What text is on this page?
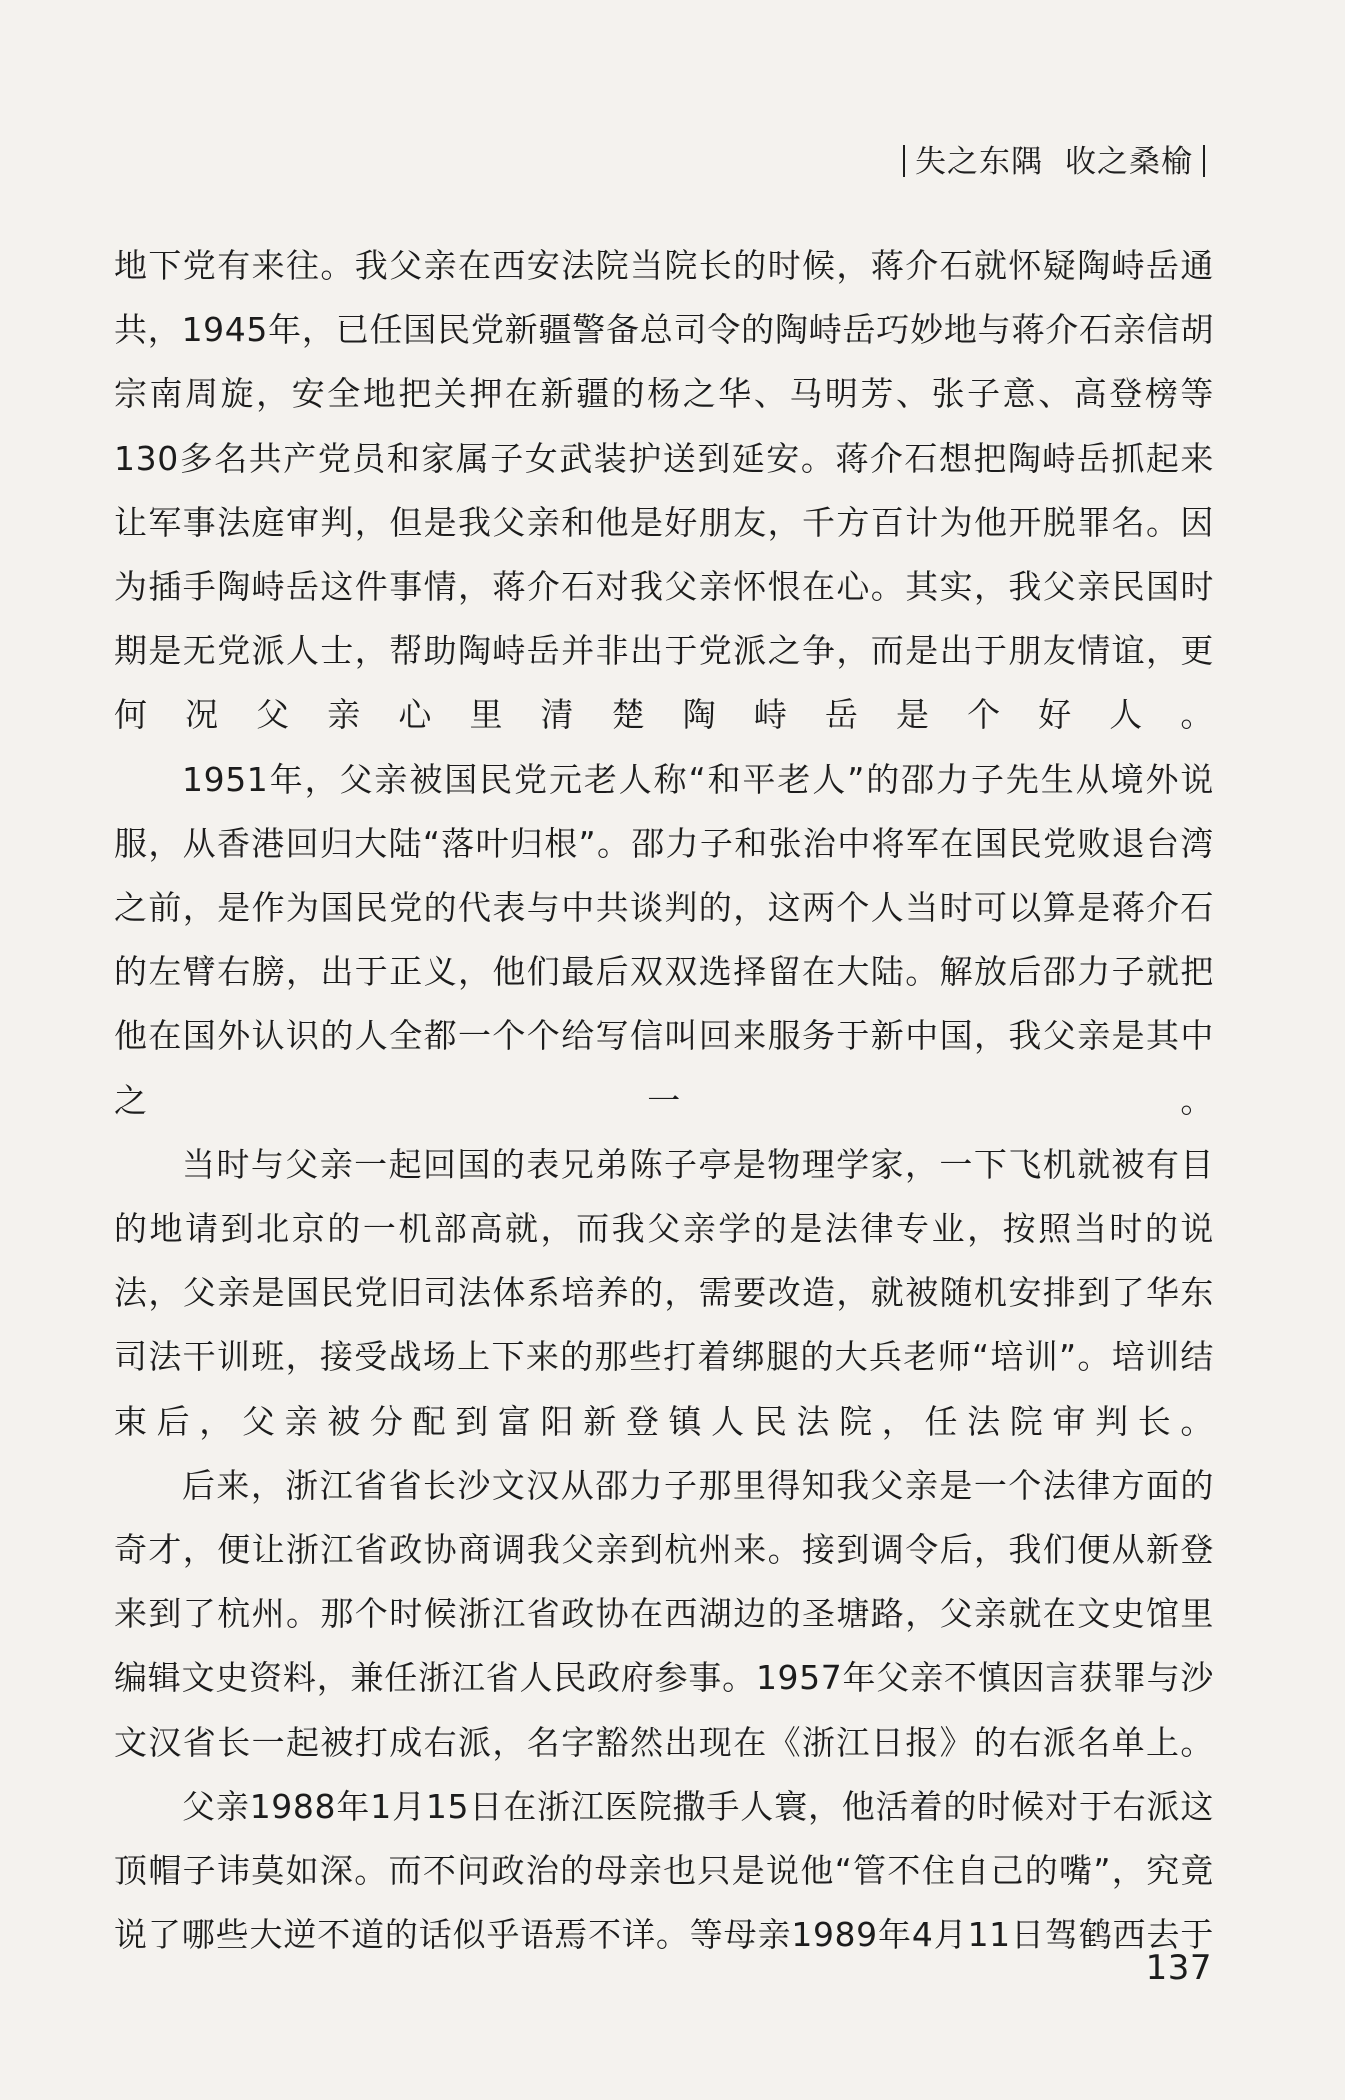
失之东隅 收之桑榆

地下党有来往。我父亲在西安法院当院长的时候，蒋介石就怀疑陶峙岳通共，1945年，已任国民党新疆警备总司令的陶峙岳巧妙地与蒋介石亲信胡宗南周旋，安全地把关押在新疆的杨之华、马明芳、张子意、高登榜等130多名共产党员和家属子女武装护送到延安。蒋介石想把陶峙岳抓起来让军事法庭审判，但是我父亲和他是好朋友，千方百计为他开脱罪名。因为插手陶峙岳这件事情，蒋介石对我父亲怀恨在心。其实，我父亲民国时期是无党派人士，帮助陶峙岳并非出于党派之争，而是出于朋友情谊，更何况父亲心里清楚陶峙岳是个好人。

1951年，父亲被国民党元老人称“和平老人”的邵力子先生从境外说服，从香港回归大陆“落叶归根”。邵力子和张治中将军在国民党败退台湾之前，是作为国民党的代表与中共谈判的，这两个人当时可以算是蒋介石的左臂右膀，出于正义，他们最后双双选择留在大陆。解放后邵力子就把他在国外认识的人全都一个个给写信叫回来服务于新中国，我父亲是其中之一。

当时与父亲一起回国的表兄弟陈子亭是物理学家，一下飞机就被有目的地请到北京的一机部高就，而我父亲学的是法律专业，按照当时的说法，父亲是国民党旧司法体系培养的，需要改造，就被随机安排到了华东司法干训班，接受战场上下来的那些打着绑腿的大兵老师“培训”。培训结束后，父亲被分配到富阳新登镇人民法院，任法院审判长。

后来，浙江省省长沙文汉从邵力子那里得知我父亲是一个法律方面的奇才，便让浙江省政协商调我父亲到杭州来。接到调令后，我们便从新登来到了杭州。那个时候浙江省政协在西湖边的圣塘路，父亲就在文史馆里编辑文史资料，兼任浙江省人民政府参事。1957年父亲不慎因言获罪与沙文汉省长一起被打成右派，名字豁然出现在《浙江日报》的右派名单上。

父亲1988年1月15日在浙江医院撒手人寰，他活着的时候对于右派这顶帽子讳莫如深。而不问政治的母亲也只是说他“管不住自己的嘴”，究竟说了哪些大逆不道的话似乎语焉不详。等母亲1989年4月11日驾鹤西去于

137
